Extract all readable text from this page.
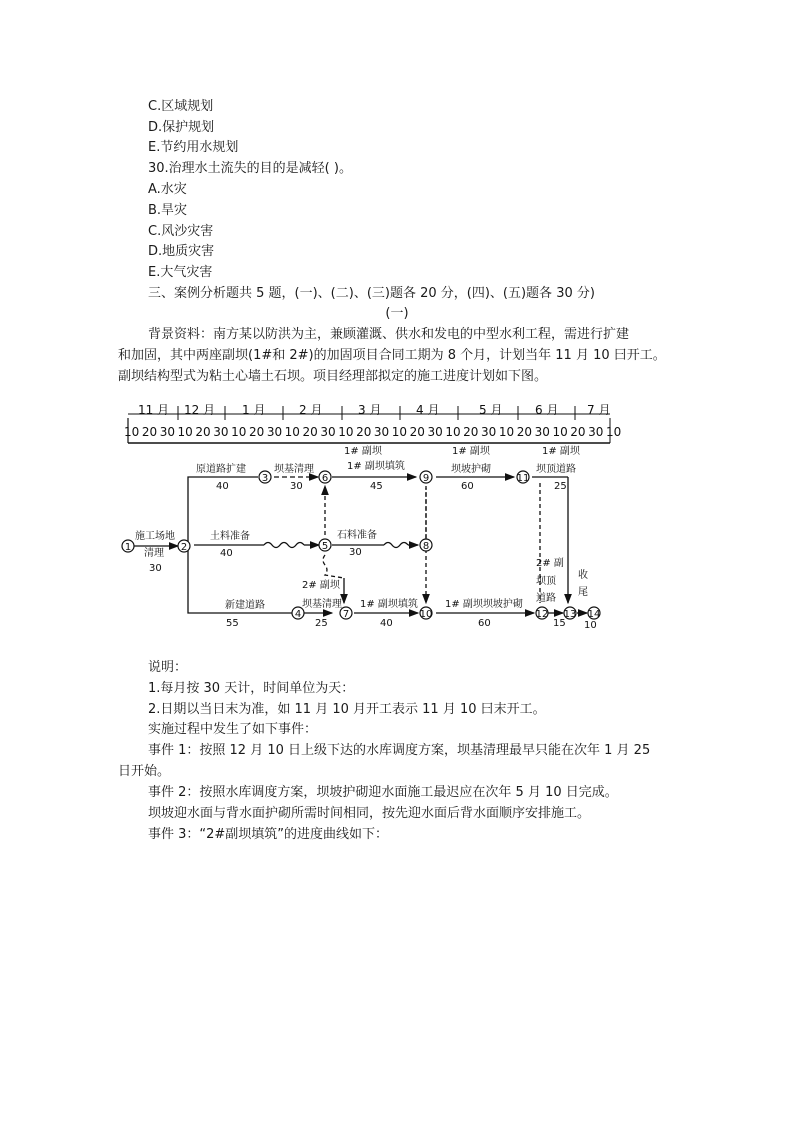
C.区域规划
D.保护规划
E.节约用水规划
30.治理水土流失的目的是减轻( )。
A.水灾
B.旱灾
C.风沙灾害
D.地质灾害
E.大气灾害
三、案例分析题共 5 题，(一)、(二)、(三)题各 20 分，(四)、(五)题各 30 分)
(一)
背景资料：南方某以防洪为主，兼顾灌溉、供水和发电的中型水利工程，需进行扩建
和加固，其中两座副坝(1#和 2#)的加固项目合同工期为 8 个月，计划当年 11 月 10 曰开工。
副坝结构型式为粘土心墙土石坝。项目经理部拟定的施工进度计划如下图。
11 月 12 月 1 月	2 月	3 月	4 月	5 月	6 月 7 月
10 20 30 10 20 30 10 20 30 10 20 30 10 20 30 10 20 30 10 20 30 10 20 30 10 20 30 10
1	2
3
4
5
6
7
8
9
10
11
12 13 14
施工场地
清理
30
原道路扩建
40
坝基清理
30
1# 副坝
1# 副坝填筑
45
1# 副坝
坝坡护砌
60
1# 副坝
坝顶道路
25
土料准备
40
石料准备
30
新建道路
55
坝基清理
25
2# 副坝
1# 副坝填筑
40
1# 副坝坝坡护砌
60
2# 副
坝顶
道路
15
收
尾
10
说明：
1.每月按 30 天计，时间单位为天：
2.日期以当日末为准，如 11 月 10 月开工表示 11 月 10 曰末开工。
实施过程中发生了如下事件：
事件 1：按照 12 月 10 日上级下达的水库调度方案，坝基清理最早只能在次年 1 月 25
日开始。
事件 2：按照水库调度方案，坝坡护砌迎水面施工最迟应在次年 5 月 10 日完成。
坝坡迎水面与背水面护砌所需时间相同，按先迎水面后背水面顺序安排施工。
事件 3：“2#副坝填筑”的进度曲线如下：
